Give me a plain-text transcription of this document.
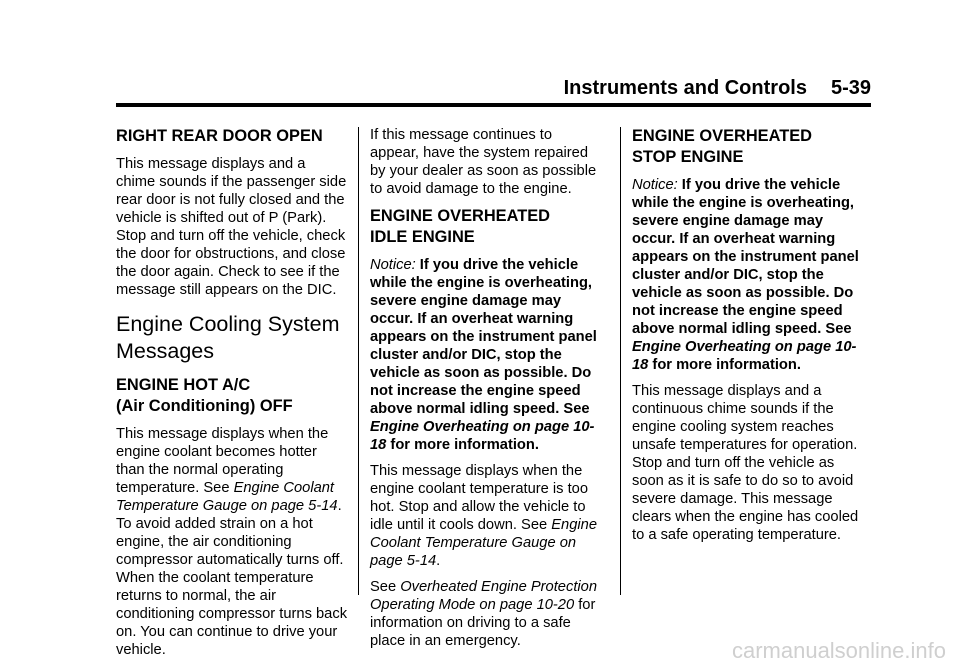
Instruments and Controls 5-39
RIGHT REAR DOOR OPEN

This message displays and a chime sounds if the passenger side rear door is not fully closed and the vehicle is shifted out of P (Park). Stop and turn off the vehicle, check the door for obstructions, and close the door again. Check to see if the message still appears on the DIC.

Engine Cooling System
Messages
ENGINE HOT A/C
(Air Conditioning) OFF

This message displays when the engine coolant becomes hotter than the normal operating temperature. See Engine Coolant Temperature Gauge on page 5-14. To avoid added strain on a hot engine, the air conditioning compressor automatically turns off. When the coolant temperature returns to normal, the air conditioning compressor turns back on. You can continue to drive your vehicle.

If this message continues to appear, have the system repaired by your dealer as soon as possible to avoid damage to the engine.

ENGINE OVERHEATED
IDLE ENGINE

Notice: If you drive the vehicle while the engine is overheating, severe engine damage may occur. If an overheat warning appears on the instrument panel cluster and/or DIC, stop the vehicle as soon as possible. Do not increase the engine speed above normal idling speed. See Engine Overheating on page 10-18 for more information.

This message displays when the engine coolant temperature is too hot. Stop and allow the vehicle to idle until it cools down. See Engine Coolant Temperature Gauge on page 5-14.

See Overheated Engine Protection Operating Mode on page 10-20 for information on driving to a safe place in an emergency.

ENGINE OVERHEATED
STOP ENGINE

Notice: If you drive the vehicle while the engine is overheating, severe engine damage may occur. If an overheat warning appears on the instrument panel cluster and/or DIC, stop the vehicle as soon as possible. Do not increase the engine speed above normal idling speed. See Engine Overheating on page 10-18 for more information.

This message displays and a continuous chime sounds if the engine cooling system reaches unsafe temperatures for operation. Stop and turn off the vehicle as soon as it is safe to do so to avoid severe damage. This message clears when the engine has cooled to a safe operating temperature.

carmanualsonline.info
